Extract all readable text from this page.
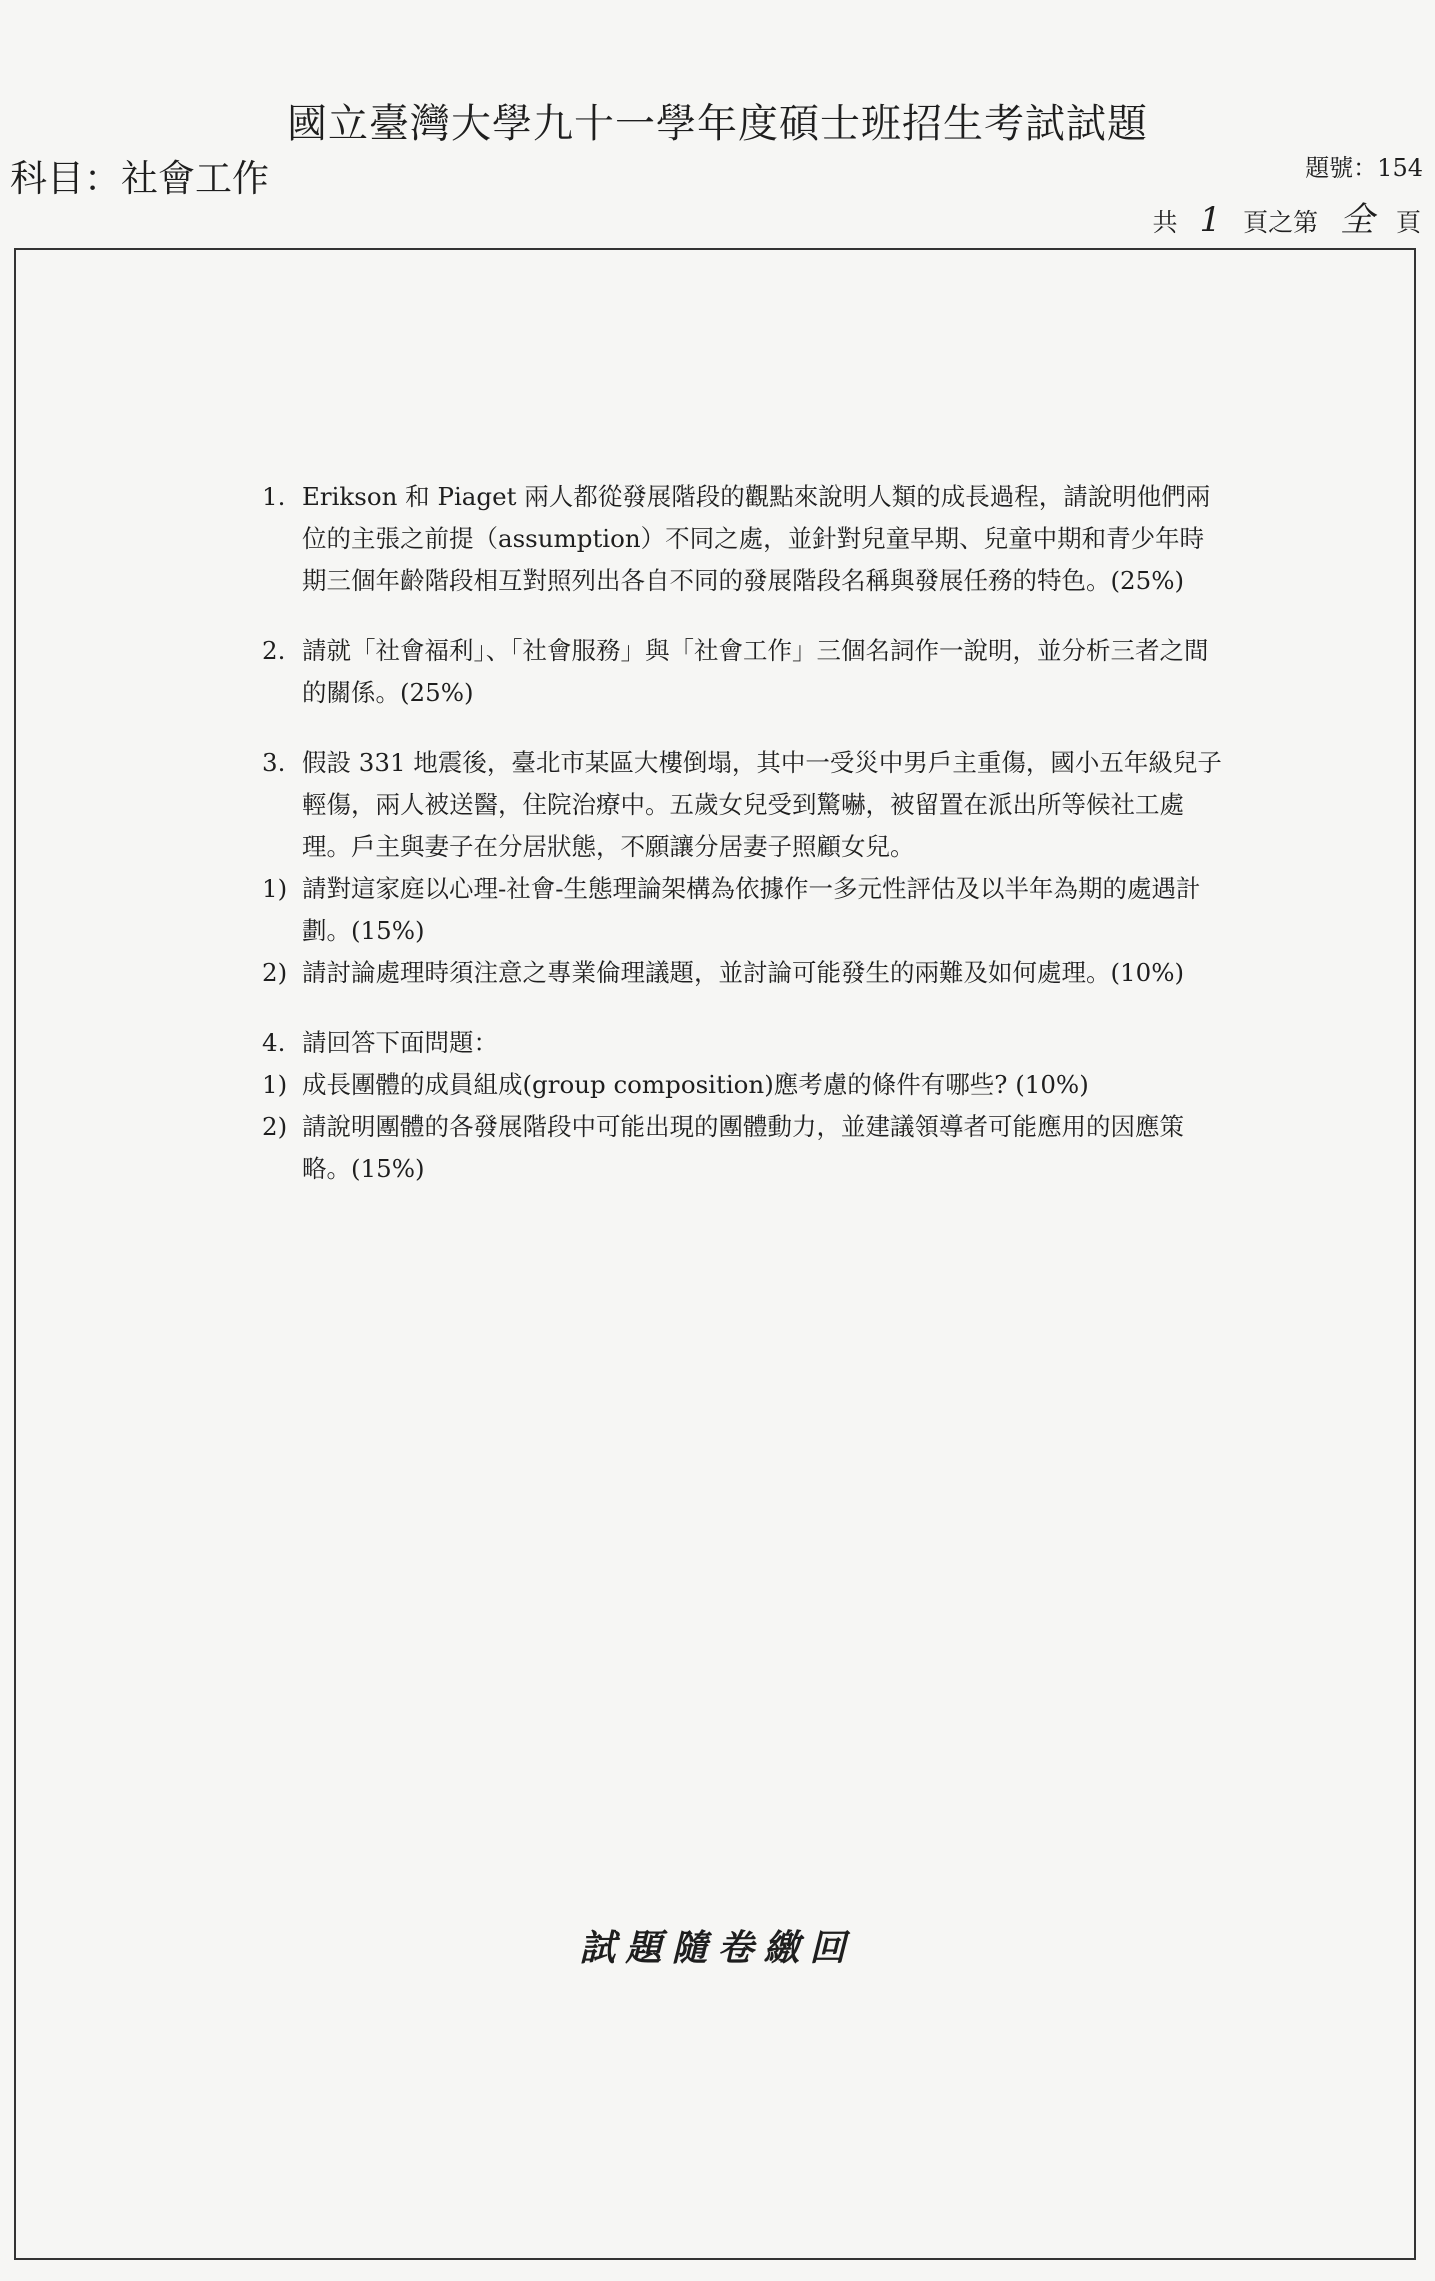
國立臺灣大學九十一學年度碩士班招生考試試題
科目：社會工作	題號：154
共 1 頁之第 全 頁
1. Erikson 和 Piaget 兩人都從發展階段的觀點來說明人類的成長過程，請說明他們兩位的主張之前提（assumption）不同之處，並針對兒童早期、兒童中期和青少年時期三個年齡階段相互對照列出各自不同的發展階段名稱與發展任務的特色。(25%)
2. 請就「社會福利」、「社會服務」與「社會工作」三個名詞作一說明，並分析三者之間的關係。(25%)
3. 假設 331 地震後，臺北市某區大樓倒塌，其中一受災中男戶主重傷，國小五年級兒子輕傷，兩人被送醫，住院治療中。五歲女兒受到驚嚇，被留置在派出所等候社工處理。戶主與妻子在分居狀態，不願讓分居妻子照顧女兒。
1) 請對這家庭以心理-社會-生態理論架構為依據作一多元性評估及以半年為期的處遇計劃。(15%)
2) 請討論處理時須注意之專業倫理議題，並討論可能發生的兩難及如何處理。(10%)
4. 請回答下面問題：
1) 成長團體的成員組成(group composition)應考慮的條件有哪些? (10%)
2) 請說明團體的各發展階段中可能出現的團體動力，並建議領導者可能應用的因應策略。(15%)
試題隨卷繳回
